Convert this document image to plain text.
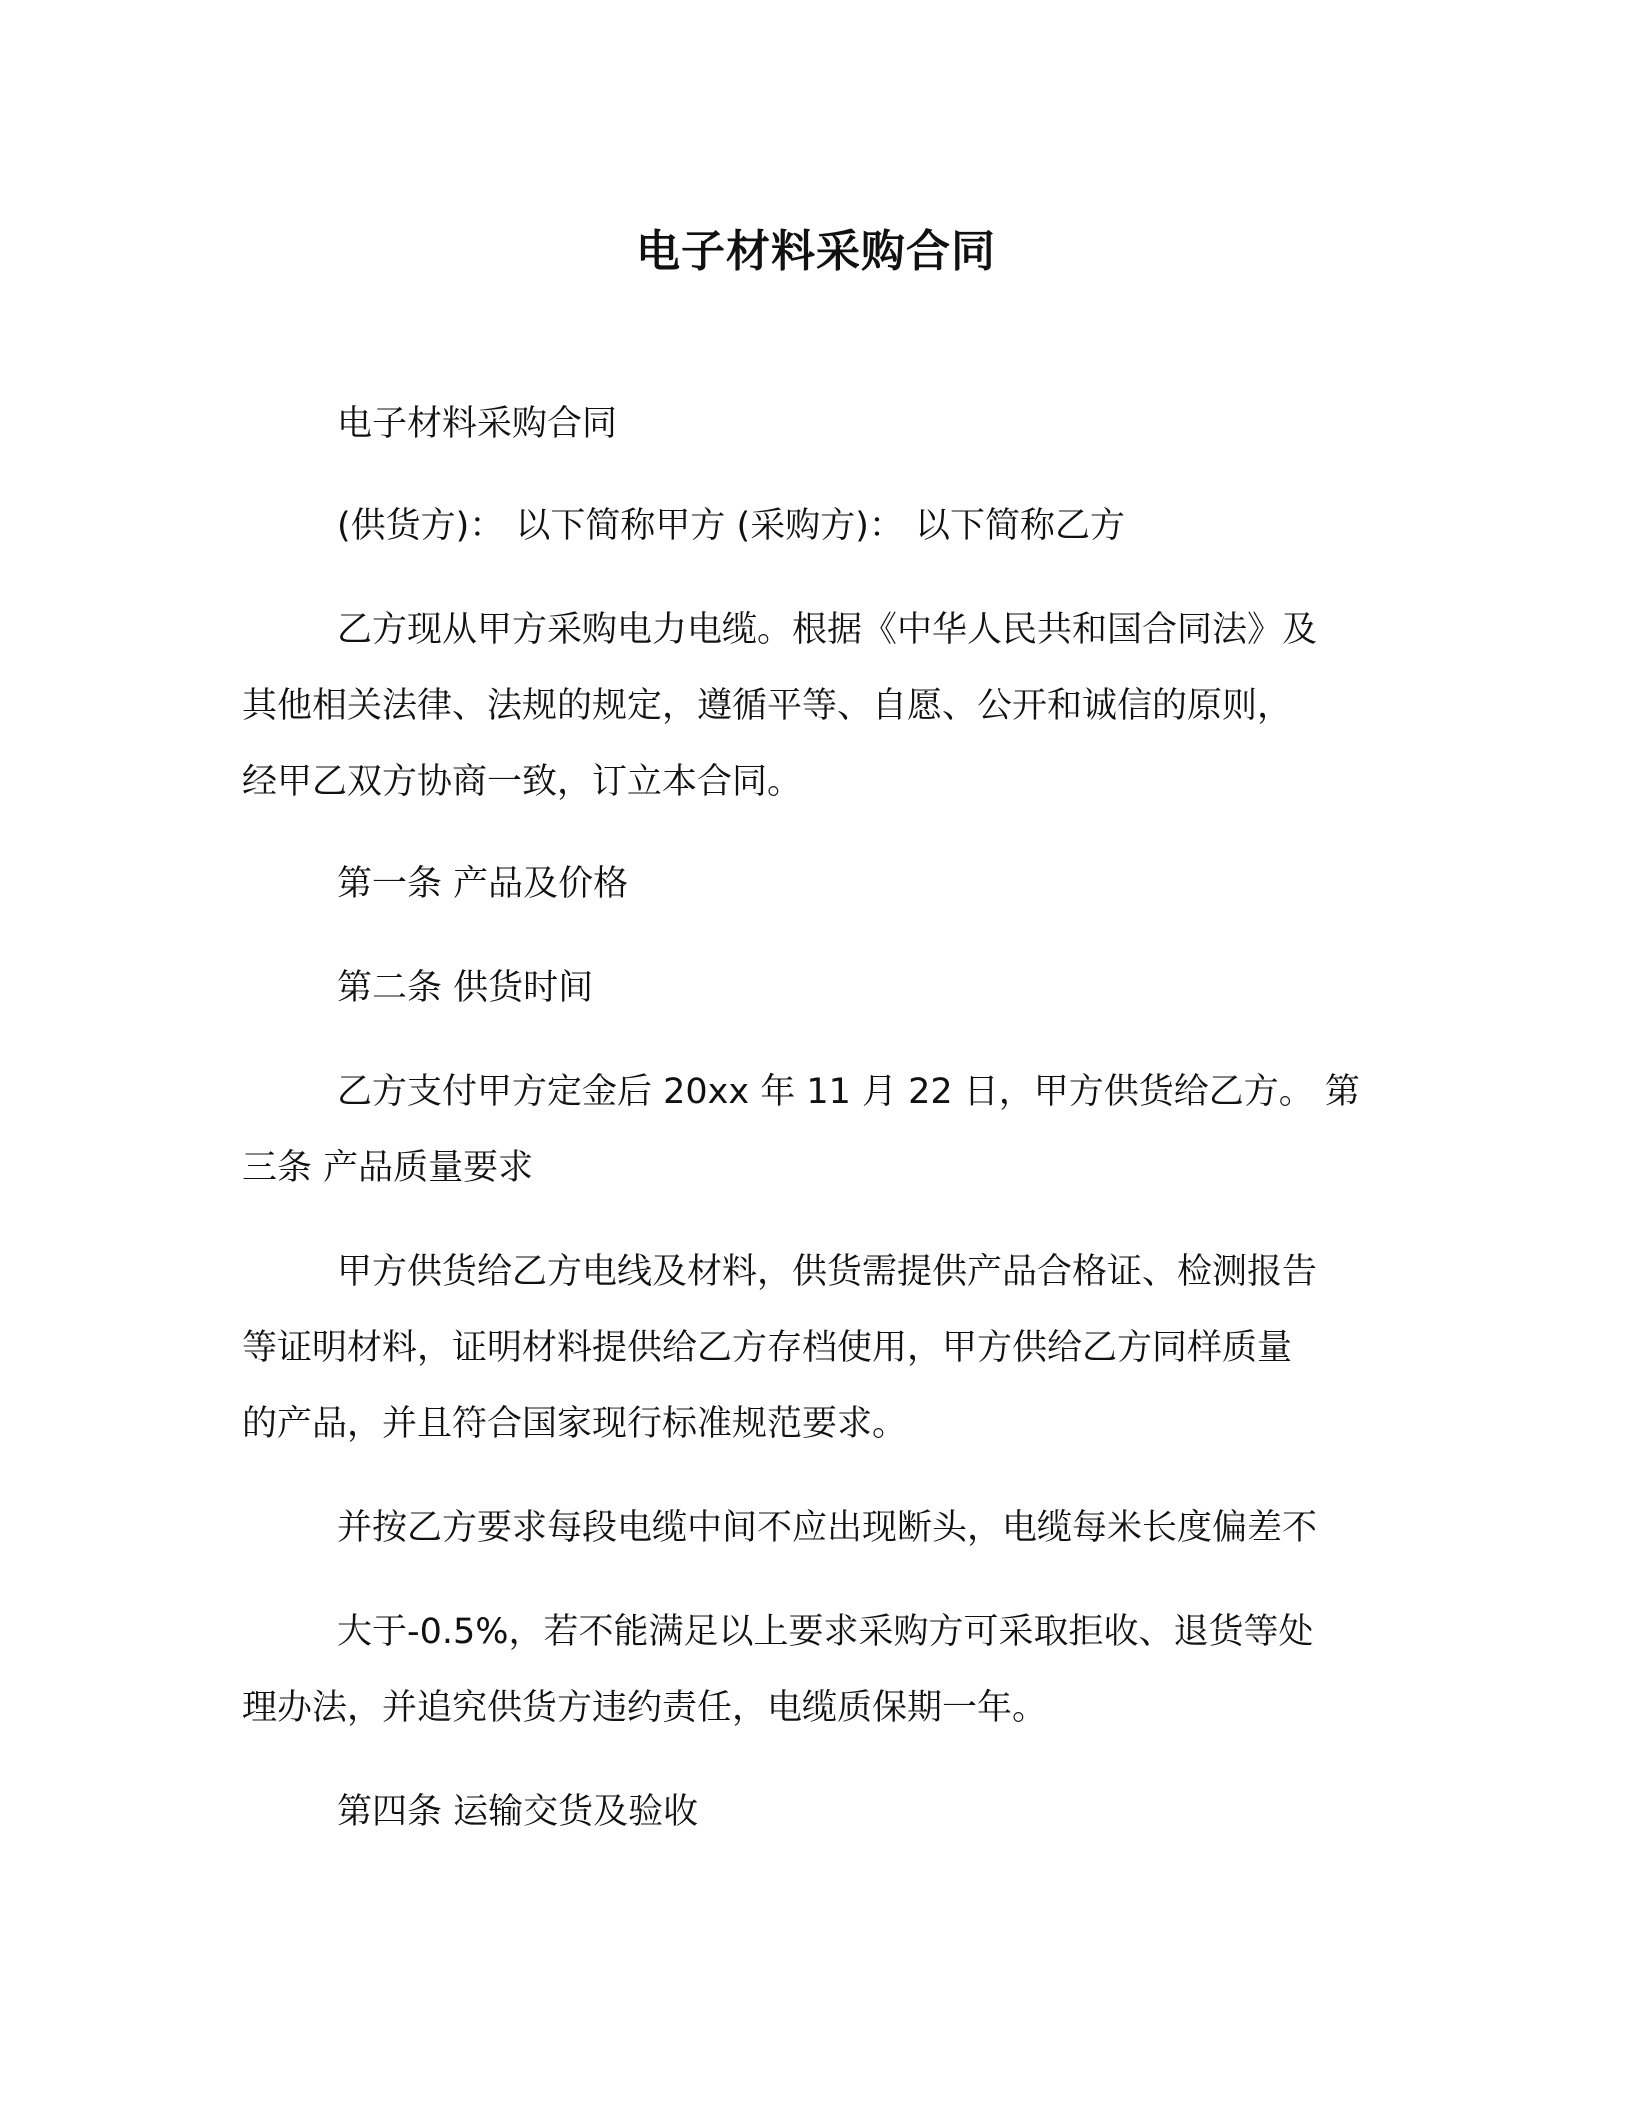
电子材料采购合同
电子材料采购合同
(供货方)： 以下简称甲方 (采购方)： 以下简称乙方
乙方现从甲方采购电力电缆。根据《中华人民共和国合同法》及
其他相关法律、法规的规定，遵循平等、自愿、公开和诚信的原则，
经甲乙双方协商一致，订立本合同。
第一条 产品及价格
第二条 供货时间
乙方支付甲方定金后 20xx 年 11 月 22 日，甲方供货给乙方。 第
三条 产品质量要求
甲方供货给乙方电线及材料，供货需提供产品合格证、检测报告
等证明材料，证明材料提供给乙方存档使用，甲方供给乙方同样质量
的产品，并且符合国家现行标准规范要求。
并按乙方要求每段电缆中间不应出现断头，电缆每米长度偏差不
大于-0.5%，若不能满足以上要求采购方可采取拒收、退货等处
理办法，并追究供货方违约责任，电缆质保期一年。
第四条 运输交货及验收
